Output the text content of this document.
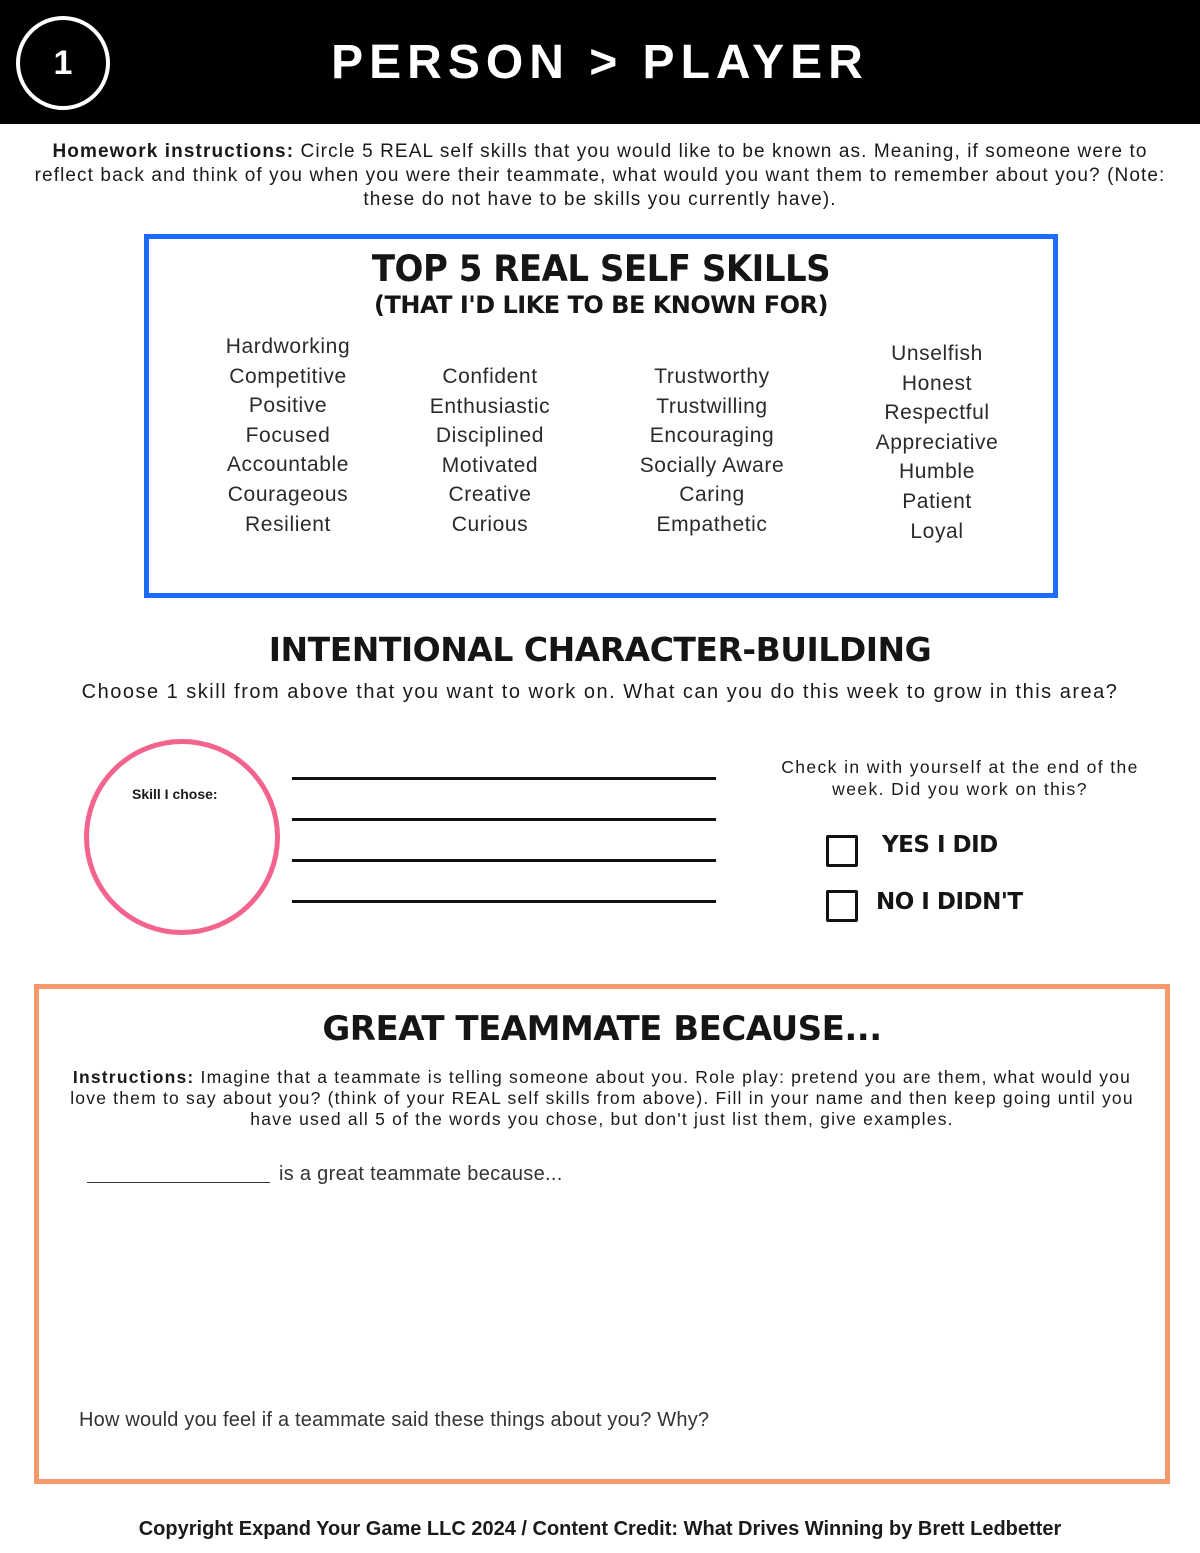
PERSON > PLAYER
1
Homework instructions: Circle 5 REAL self skills that you would like to be known as. Meaning, if someone were to reflect back and think of you when you were their teammate, what would you want them to remember about you? (Note: these do not have to be skills you currently have).
TOP 5 REAL SELF SKILLS
(THAT I'D LIKE TO BE KNOWN FOR)
Hardworking
Competitive
Positive
Focused
Accountable
Courageous
Resilient
Confident
Enthusiastic
Disciplined
Motivated
Creative
Curious
Trustworthy
Trustwilling
Encouraging
Socially Aware
Caring
Empathetic
Unselfish
Honest
Respectful
Appreciative
Humble
Patient
Loyal
INTENTIONAL CHARACTER-BUILDING
Choose 1 skill from above that you want to work on. What can you do this week to grow in this area?
Skill I chose:
Check in with yourself at the end of the week. Did you work on this?
YES I DID
NO I DIDN'T
GREAT TEAMMATE BECAUSE...
Instructions: Imagine that a teammate is telling someone about you. Role play: pretend you are them, what would you love them to say about you? (think of your REAL self skills from above). Fill in your name and then keep going until you have used all 5 of the words you chose, but don't just list them, give examples.
is a great teammate because...
How would you feel if a teammate said these things about you? Why?
Copyright Expand Your Game LLC 2024 / Content Credit: What Drives Winning by Brett Ledbetter
